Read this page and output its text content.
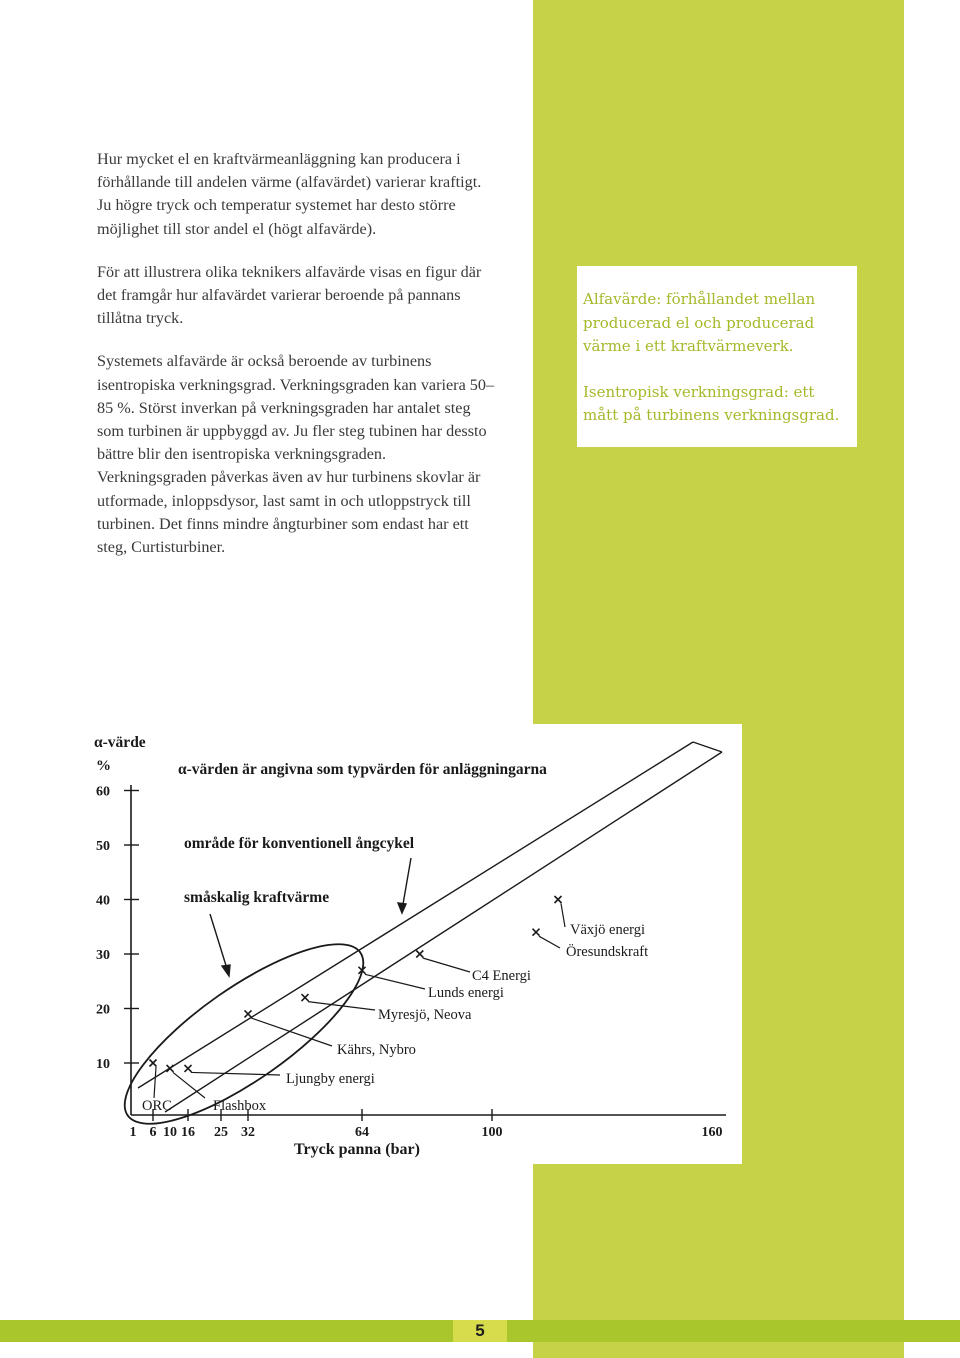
Hur mycket el en kraftvärmeanläggning kan producera i förhållande till andelen värme (alfavärdet) varierar kraftigt. Ju högre tryck och temperatur systemet har desto större möjlighet till stor andel el (högt alfavärde).

För att illustrera olika teknikers alfavärde visas en figur där det framgår hur alfavärdet varierar beroende på pannans tillåtna tryck.

Systemets alfavärde är också beroende av turbinens isentropiska verkningsgrad. Verkningsgraden kan variera 50–85 %. Störst inverkan på verkningsgraden har antalet steg som turbinen är uppbyggd av. Ju fler steg tubinen har dessto bättre blir den isentropiska verkningsgraden. Verkningsgraden påverkas även av hur turbinens skovlar är utformade, inloppsdysor, last samt in och utloppstryck till turbinen. Det finns mindre ångturbiner som endast har ett steg, Curtisturbiner.

Alfavärde: förhållandet mellan producerad el och producerad värme i ett kraftvärmeverk.

Isentropisk verkningsgrad: ett mått på turbinens verkningsgrad.

α-värde
%	α-värden är angivna som typvärden för anläggningarna
område för konventionell ångcykel
småskalig kraftvärme
Tryck panna (bar)
10
20
30
40
50
60
1 6 10 16 25 32	64	100	160
ORC	Flashbox
Ljungby energi
Kährs, Nybro
Myresjö, Neova
Lunds energi
C4 Energi
Öresundskraft
Växjö energi
5
